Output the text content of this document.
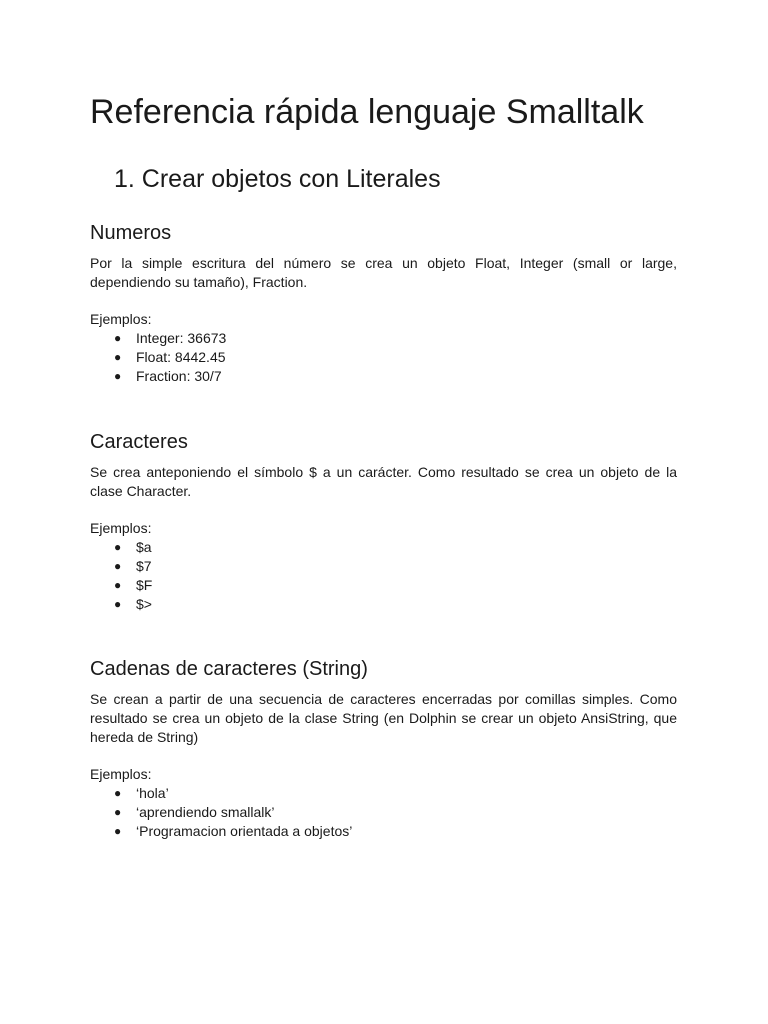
Referencia rápida lenguaje Smalltalk
1. Crear objetos con Literales
Numeros

Por la simple escritura del número se crea un objeto Float, Integer (small or large, dependiendo su tamaño), Fraction.

Ejemplos:

● Integer: 36673
● Float: 8442.45
● Fraction: 30/7
Caracteres

Se crea anteponiendo el símbolo $ a un carácter. Como resultado se crea un objeto de la clase Character.

Ejemplos:

● $a
● $7
● $F
● $>
Cadenas de caracteres (String)

Se crean a partir de una secuencia de caracteres encerradas por comillas simples. Como resultado se crea un objeto de la clase String (en Dolphin se crear un objeto AnsiString, que hereda de String)

Ejemplos:

● ‘hola’
● ‘aprendiendo smallalk’
● ‘Programacion orientada a objetos’
